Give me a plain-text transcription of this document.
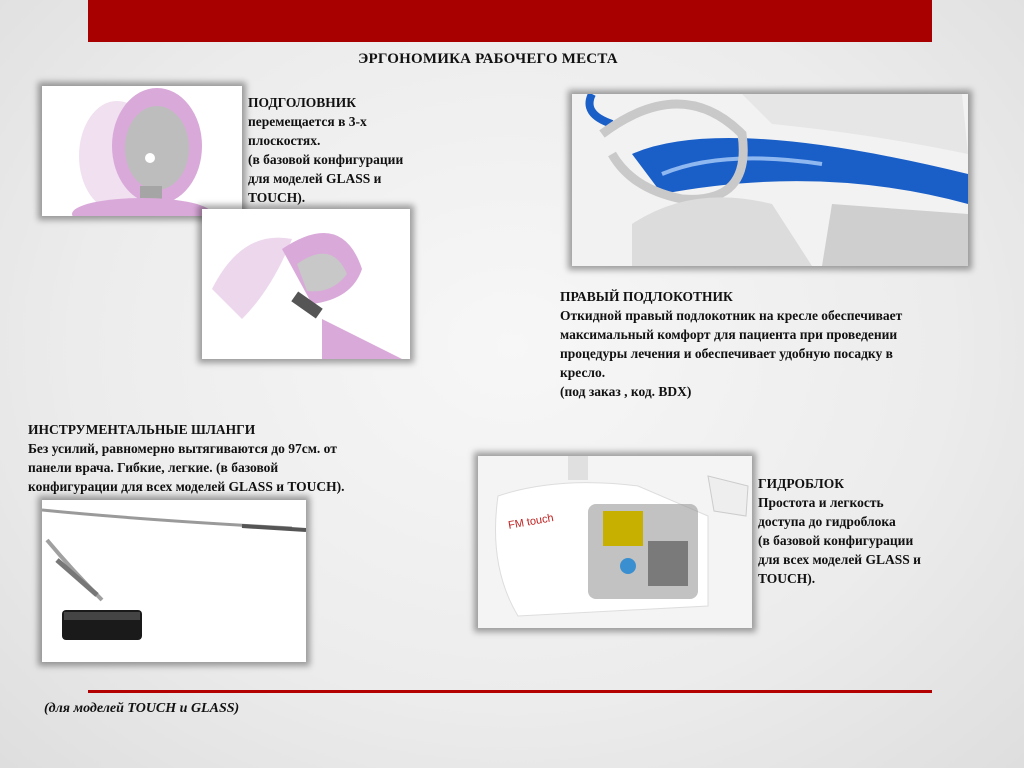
ЭРГОНОМИКА РАБОЧЕГО МЕСТА
ПОДГОЛОВНИК
перемещается в 3-х
плоскостях.
(в базовой конфигурации
для моделей GLASS и
TOUCH).
ПРАВЫЙ ПОДЛОКОТНИК
Откидной правый подлокотник на кресле обеспечивает
максимальный комфорт для пациента при проведении
процедуры лечения и обеспечивает удобную посадку в
кресло.
(под заказ , код. BDX)
ИНСТРУМЕНТАЛЬНЫЕ ШЛАНГИ
Без усилий, равномерно вытягиваются до 97см. от
панели врача. Гибкие, легкие. (в базовой
конфигурации для всех моделей GLASS и TOUCH).
FM touch
ГИДРОБЛОК
Простота и легкость
доступа до гидроблока
(в базовой конфигурации
для всех моделей GLASS и
TOUCH).
(для моделей TOUCH и GLASS)
